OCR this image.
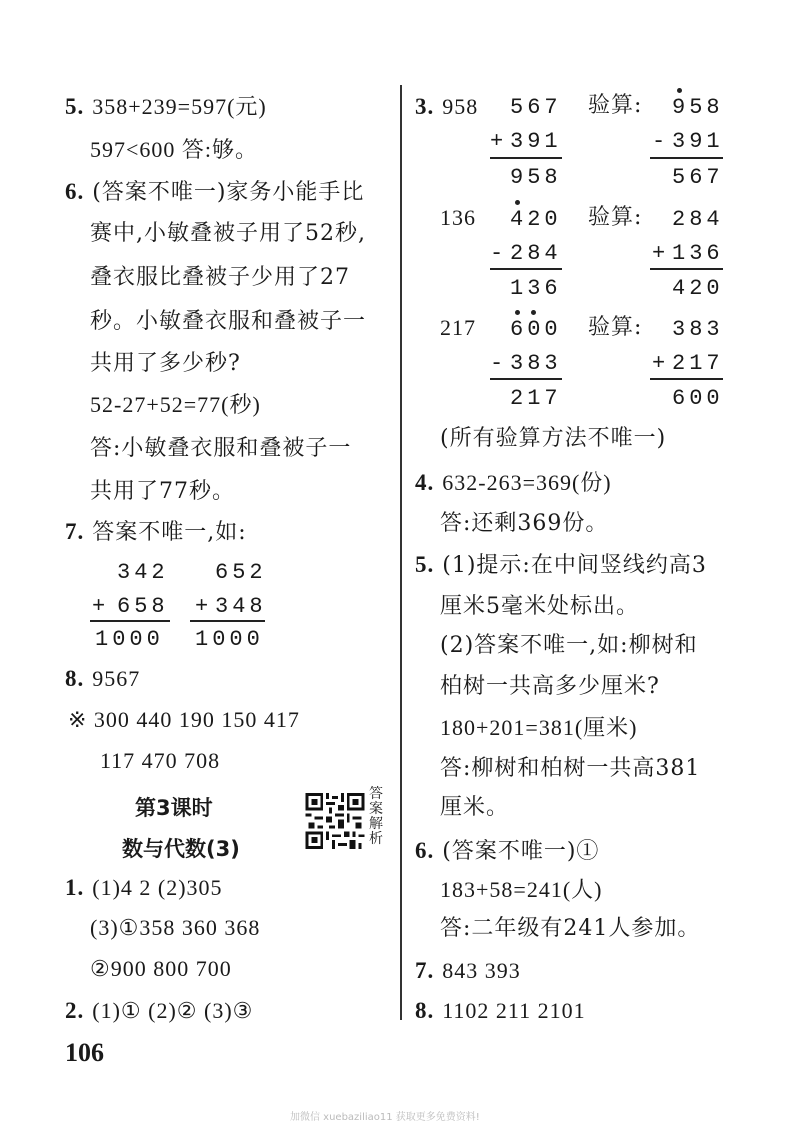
5. 358+239=597(元)
597<600 答:够。
6. (答案不唯一)家务小能手比
赛中,小敏叠被子用了52秒,
叠衣服比叠被子少用了27
秒。小敏叠衣服和叠被子一
共用了多少秒?
52-27+52=77(秒)
答:小敏叠衣服和叠被子一
共用了77秒。
7. 答案不唯一,如:
342
+ 658
1000
652
+ 348
1000
8. 9567
※ 300 440 190 150 417
117 470 708
第3课时
数与代数(3)
答案解析
1. (1)4 2 (2)305
(3)①358 360 368
②900 800 700
2. (1)① (2)② (3)③
106
3. 958 567
+ 391
958
验算: 958
- 391
567
136 420
- 284
136
验算: 284
+ 136
420
217 600
- 383
217
验算: 383
+ 217
600
(所有验算方法不唯一)
4. 632-263=369(份)
答:还剩369份。
5. (1)提示:在中间竖线约高3
厘米5毫米处标出。
(2)答案不唯一,如:柳树和
柏树一共高多少厘米?
180+201=381(厘米)
答:柳树和柏树一共高381
厘米。
6. (答案不唯一)①
183+58=241(人)
答:二年级有241人参加。
7. 843 393
8. 1102 211 2101
加微信 xuebaziliao11 获取更多免费资料!
